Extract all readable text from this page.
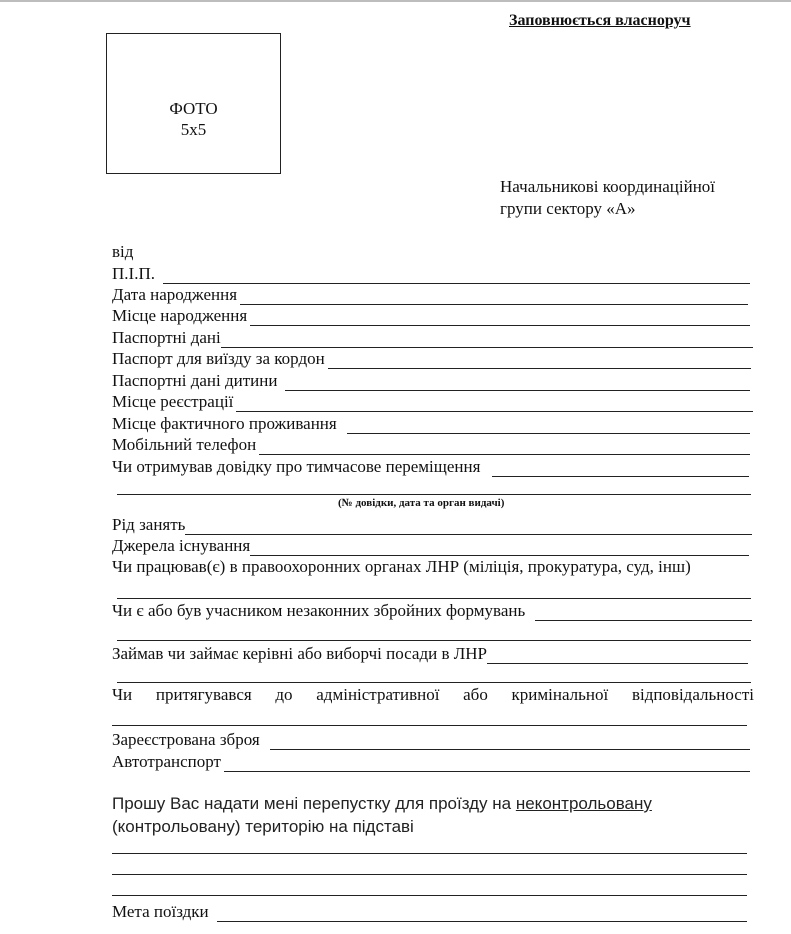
Заповнюється власноруч
ФОТО
5x5
Начальникові координаційної
групи сектору «А»
від
П.І.П.
Дата народження
Місце народження
Паспортні дані
Паспорт для виїзду за кордон
Паспортні дані дитини
Місце реєстрації
Місце фактичного проживання
Мобільний телефон
Чи отримував довідку про тимчасове переміщення
(№ довідки, дата та орган видачі)
Рід занять
Джерела існування
Чи працював(є) в правоохоронних органах ЛНР (міліція, прокуратура, суд, інш)
Чи є або був учасником незаконних збройних формувань
Займав чи займає керівні або виборчі посади в ЛНР
Чи притягувався до адміністративної або кримінальної відповідальності
Зареєстрована зброя
Автотранспорт
Прошу Вас надати мені перепустку для проїзду на неконтрольовану
(контрольовану) територію на підставі
Мета поїздки
